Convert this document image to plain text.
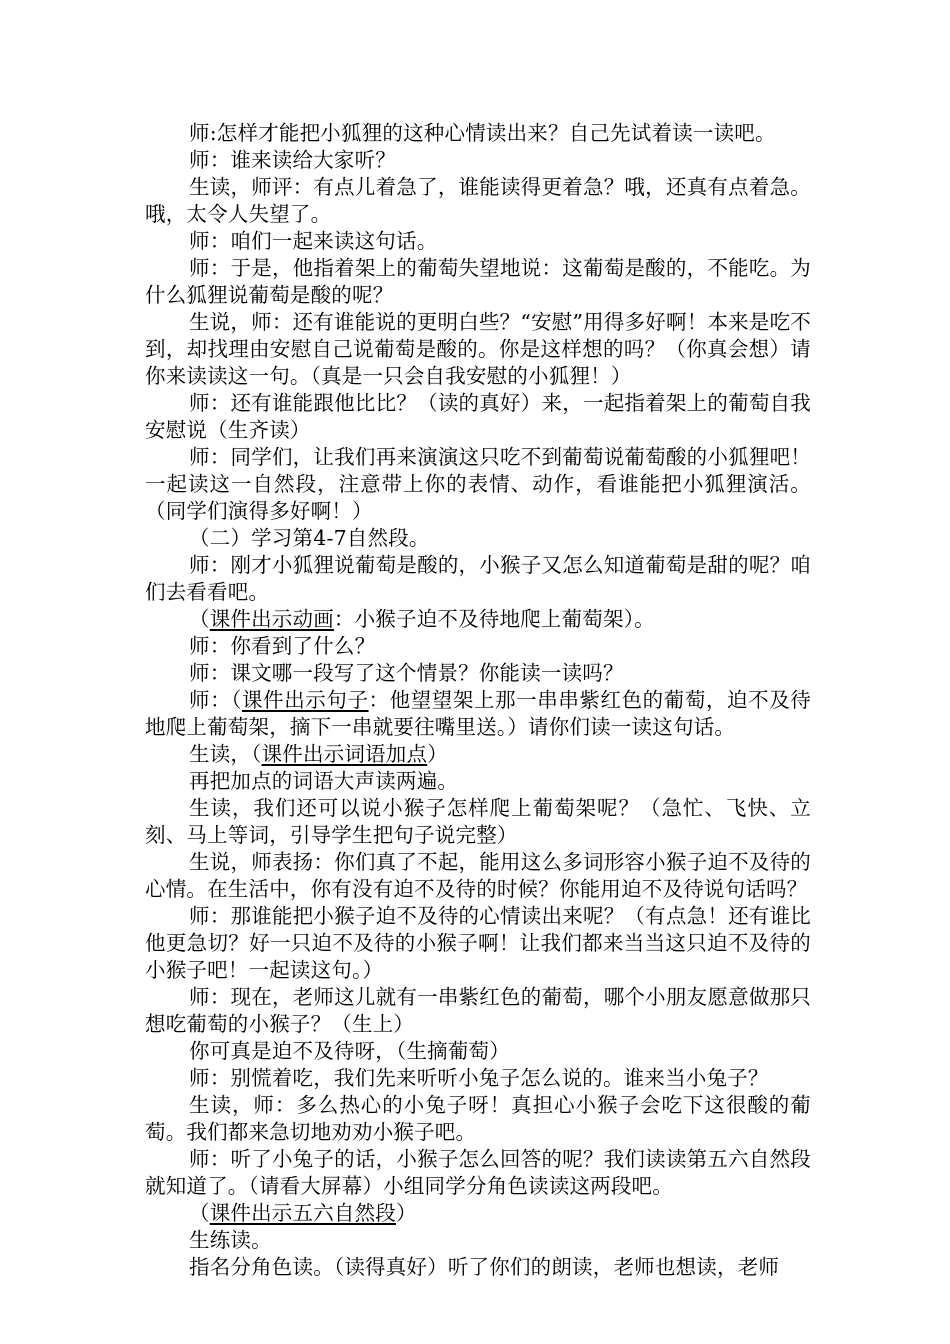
师:怎样才能把小狐狸的这种心情读出来？自己先试着读一读吧。
师：谁来读给大家听？
生读，师评：有点儿着急了，谁能读得更着急？哦，还真有点着急。哦，太令人失望了。
师：咱们一起来读这句话。
师：于是，他指着架上的葡萄失望地说：这葡萄是酸的，不能吃。为什么狐狸说葡萄是酸的呢？
生说，师：还有谁能说的更明白些？“安慰”用得多好啊！本来是吃不到，却找理由安慰自己说葡萄是酸的。你是这样想的吗？（你真会想）请你来读读这一句。（真是一只会自我安慰的小狐狸！）
师：还有谁能跟他比比？（读的真好）来，一起指着架上的葡萄自我安慰说（生齐读）
师：同学们，让我们再来演演这只吃不到葡萄说葡萄酸的小狐狸吧！一起读这一自然段，注意带上你的表情、动作，看谁能把小狐狸演活。 （同学们演得多好啊！）
（二）学习第4-7自然段。
师：刚才小狐狸说葡萄是酸的，小猴子又怎么知道葡萄是甜的呢？咱们去看看吧。
（课件出示动画：小猴子迫不及待地爬上葡萄架）。
师：你看到了什么？
师：课文哪一段写了这个情景？你能读一读吗？
师：（课件出示句子：他望望架上那一串串紫红色的葡萄，迫不及待地爬上葡萄架，摘下一串就要往嘴里送。）请你们读一读这句话。
生读，（课件出示词语加点）
再把加点的词语大声读两遍。
生读，我们还可以说小猴子怎样爬上葡萄架呢？（急忙、飞快、立刻、马上等词，引导学生把句子说完整）
生说，师表扬：你们真了不起，能用这么多词形容小猴子迫不及待的心情。在生活中，你有没有迫不及待的时候？你能用迫不及待说句话吗？
师：那谁能把小猴子迫不及待的心情读出来呢？（有点急！还有谁比他更急切？好一只迫不及待的小猴子啊！让我们都来当当这只迫不及待的小猴子吧！一起读这句。）
师：现在，老师这儿就有一串紫红色的葡萄，哪个小朋友愿意做那只想吃葡萄的小猴子？（生上）
你可真是迫不及待呀，（生摘葡萄）
师：别慌着吃，我们先来听听小兔子怎么说的。谁来当小兔子？
生读，师：多么热心的小兔子呀！真担心小猴子会吃下这很酸的葡萄。我们都来急切地劝劝小猴子吧。
师：听了小兔子的话，小猴子怎么回答的呢？我们读读第五六自然段就知道了。（请看大屏幕）小组同学分角色读读这两段吧。
（课件出示五六自然段）
生练读。
指名分角色读。（读得真好）听了你们的朗读，老师也想读，老师
